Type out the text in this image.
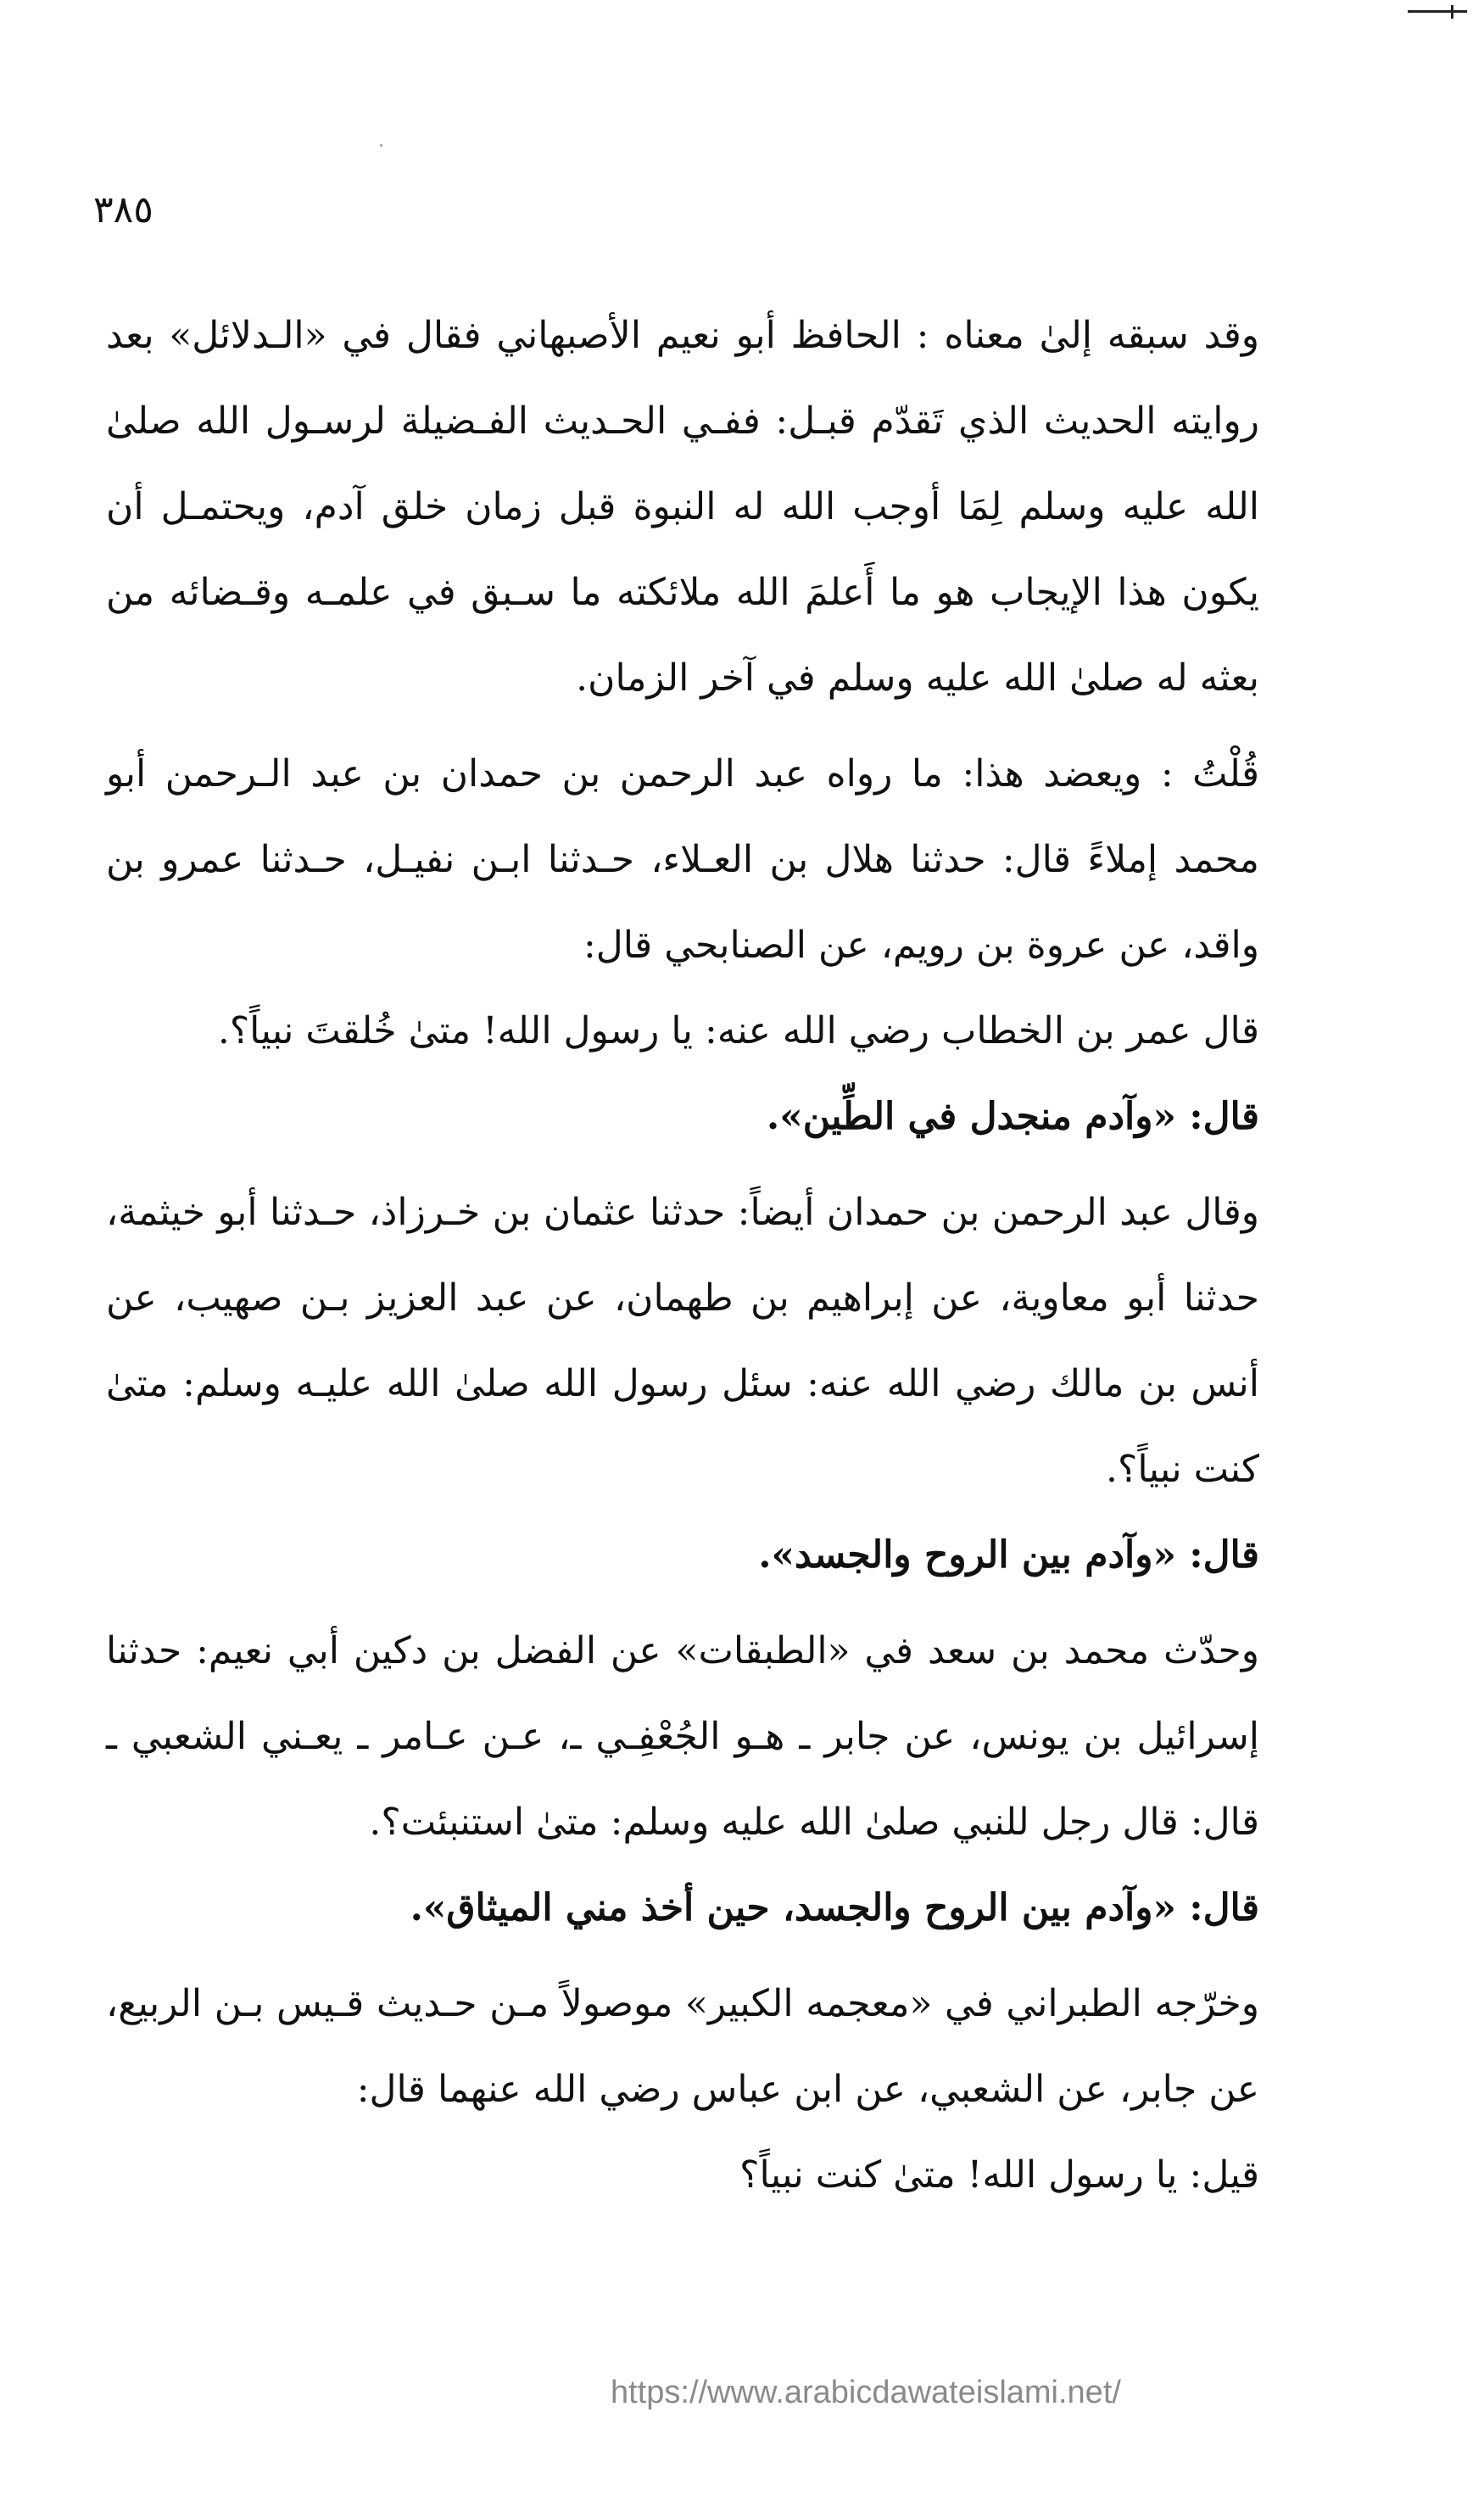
٣٨٥

وقد سبقه إلىٰ معناه : الحافظ أبو نعيم الأصبهاني فقال في «الـدلائل» بعد روايته الحديث الذي تَقدّم قبـل: ففـي الحـديث الفـضيلة لرسـول الله صلىٰ الله عليه وسلم لِمَا أوجب الله له النبوة قبل زمان خلق آدم، ويحتمـل أن يكون هذا الإيجاب هو ما أَعلمَ الله ملائكته ما سـبق في علمـه وقـضائه من بعثه له صلىٰ الله عليه وسلم في آخر الزمان.

قُلْتُ : ويعضد هذا: ما رواه عبد الرحمن بن حمدان بن عبد الـرحمن أبو محمد إملاءً قال: حدثنا هلال بن العـلاء، حـدثنا ابـن نفيـل، حـدثنا عمرو بن واقد، عن عروة بن رويم، عن الصنابحي قال:

قال عمر بن الخطاب رضي الله عنه: يا رسول الله! متىٰ خُلقتَ نبياً؟.

قال: «وآدم منجدل في الطِّين».

وقال عبد الرحمن بن حمدان أيضاً: حدثنا عثمان بن خـرزاذ، حـدثنا أبو خيثمة، حدثنا أبو معاوية، عن إبراهيم بن طهمان، عن عبد العزيز بـن صهيب، عن أنس بن مالك رضي الله عنه: سئل رسول الله صلىٰ الله عليـه وسلم: متىٰ كنت نبياً؟.

قال: «وآدم بين الروح والجسد».

وحدّث محمد بن سعد في «الطبقات» عن الفضل بن دكين أبي نعيم: حدثنا إسرائيل بن يونس، عن جابر ـ هـو الجُعْفِـي ـ، عـن عـامر ـ يعـني الشعبي ـ قال: قال رجل للنبي صلىٰ الله عليه وسلم: متىٰ استنبئت؟.

قال: «وآدم بين الروح والجسد، حين أخذ مني الميثاق».

وخرّجه الطبراني في «معجمه الكبير» موصولاً مـن حـديث قـيس بـن الربيع، عن جابر، عن الشعبي، عن ابن عباس رضي الله عنهما قال:

قيل: يا رسول الله! متىٰ كنت نبياً؟

https://www.arabicdawateislami.net/
